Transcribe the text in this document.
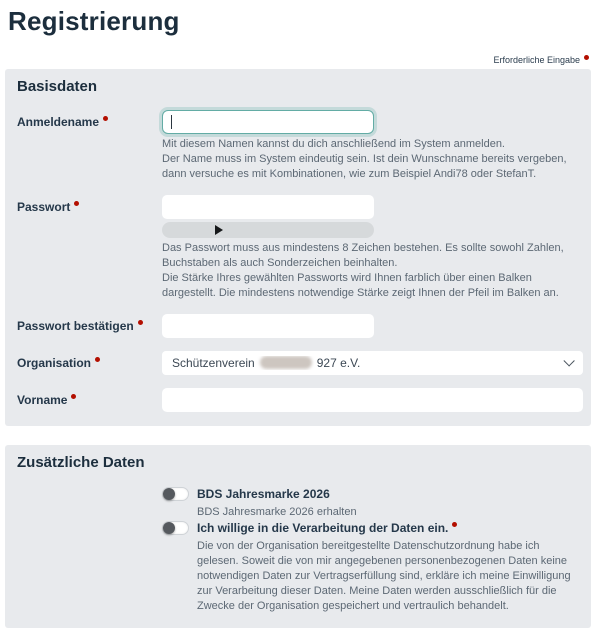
Registrierung
Erforderliche Eingabe
Basisdaten
Anmeldename

Mit diesem Namen kannst du dich anschließend im System anmelden.

Der Name muss im System eindeutig sein. Ist dein Wunschname bereits vergeben, dann versuche es mit Kombinationen, wie zum Beispiel Andi78 oder StefanT.

Passwort

Das Passwort muss aus mindestens 8 Zeichen bestehen. Es sollte sowohl Zahlen, Buchstaben als auch Sonderzeichen beinhalten.

Die Stärke Ihres gewählten Passworts wird Ihnen farblich über einen Balken dargestellt. Die mindestens notwendige Stärke zeigt Ihnen der Pfeil im Balken an.

Passwort bestätigen
Organisation	Schützenverein	927 e.V.
Vorname
Zusätzliche Daten
BDS Jahresmarke 2026

BDS Jahresmarke 2026 erhalten

Ich willige in die Verarbeitung der Daten ein.

Die von der Organisation bereitgestellte Datenschutzordnung habe ich gelesen. Soweit die von mir angegebenen personenbezogenen Daten keine notwendigen Daten zur Vertragserfüllung sind, erkläre ich meine Einwilligung zur Verarbeitung dieser Daten. Meine Daten werden ausschließlich für die Zwecke der Organisation gespeichert und vertraulich behandelt.
